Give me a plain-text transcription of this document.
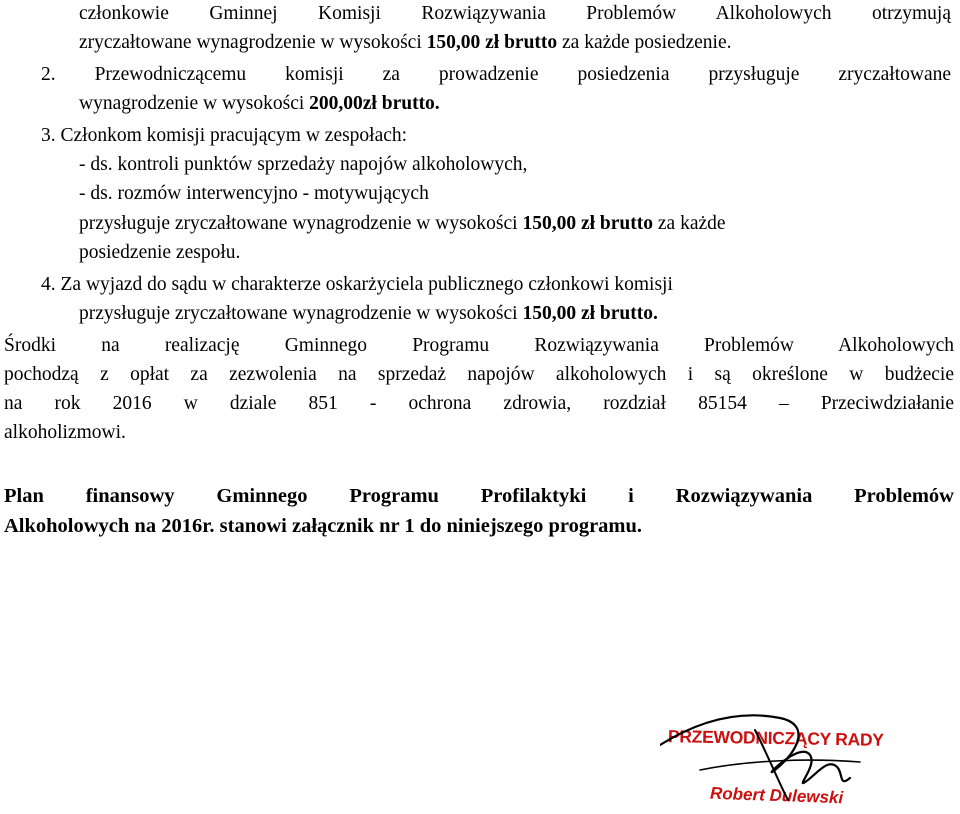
członkowie Gminnej Komisji Rozwiązywania Problemów Alkoholowych otrzymują
zryczałtowane wynagrodzenie w wysokości 150,00 zł brutto za każde posiedzenie.
2. Przewodniczącemu komisji za prowadzenie posiedzenia przysługuje zryczałtowane
wynagrodzenie w wysokości 200,00zł brutto.
3. Członkom komisji pracującym w zespołach:
- ds. kontroli punktów sprzedaży napojów alkoholowych,
- ds. rozmów interwencyjno - motywujących
przysługuje zryczałtowane wynagrodzenie w wysokości 150,00 zł brutto za każde
posiedzenie zespołu.
4. Za wyjazd do sądu w charakterze oskarżyciela publicznego członkowi komisji
przysługuje zryczałtowane wynagrodzenie w wysokości 150,00 zł brutto.
Środki na realizację Gminnego Programu Rozwiązywania Problemów Alkoholowych
pochodzą z opłat za zezwolenia na sprzedaż napojów alkoholowych i są określone w budżecie
na rok 2016 w dziale 851 - ochrona zdrowia, rozdział 85154 – Przeciwdziałanie
alkoholizmowi.
Plan finansowy Gminnego Programu Profilaktyki i Rozwiązywania Problemów
Alkoholowych na 2016r. stanowi załącznik nr 1 do niniejszego programu.
PRZEWODNICZĄCY RADY
Robert Dulewski
